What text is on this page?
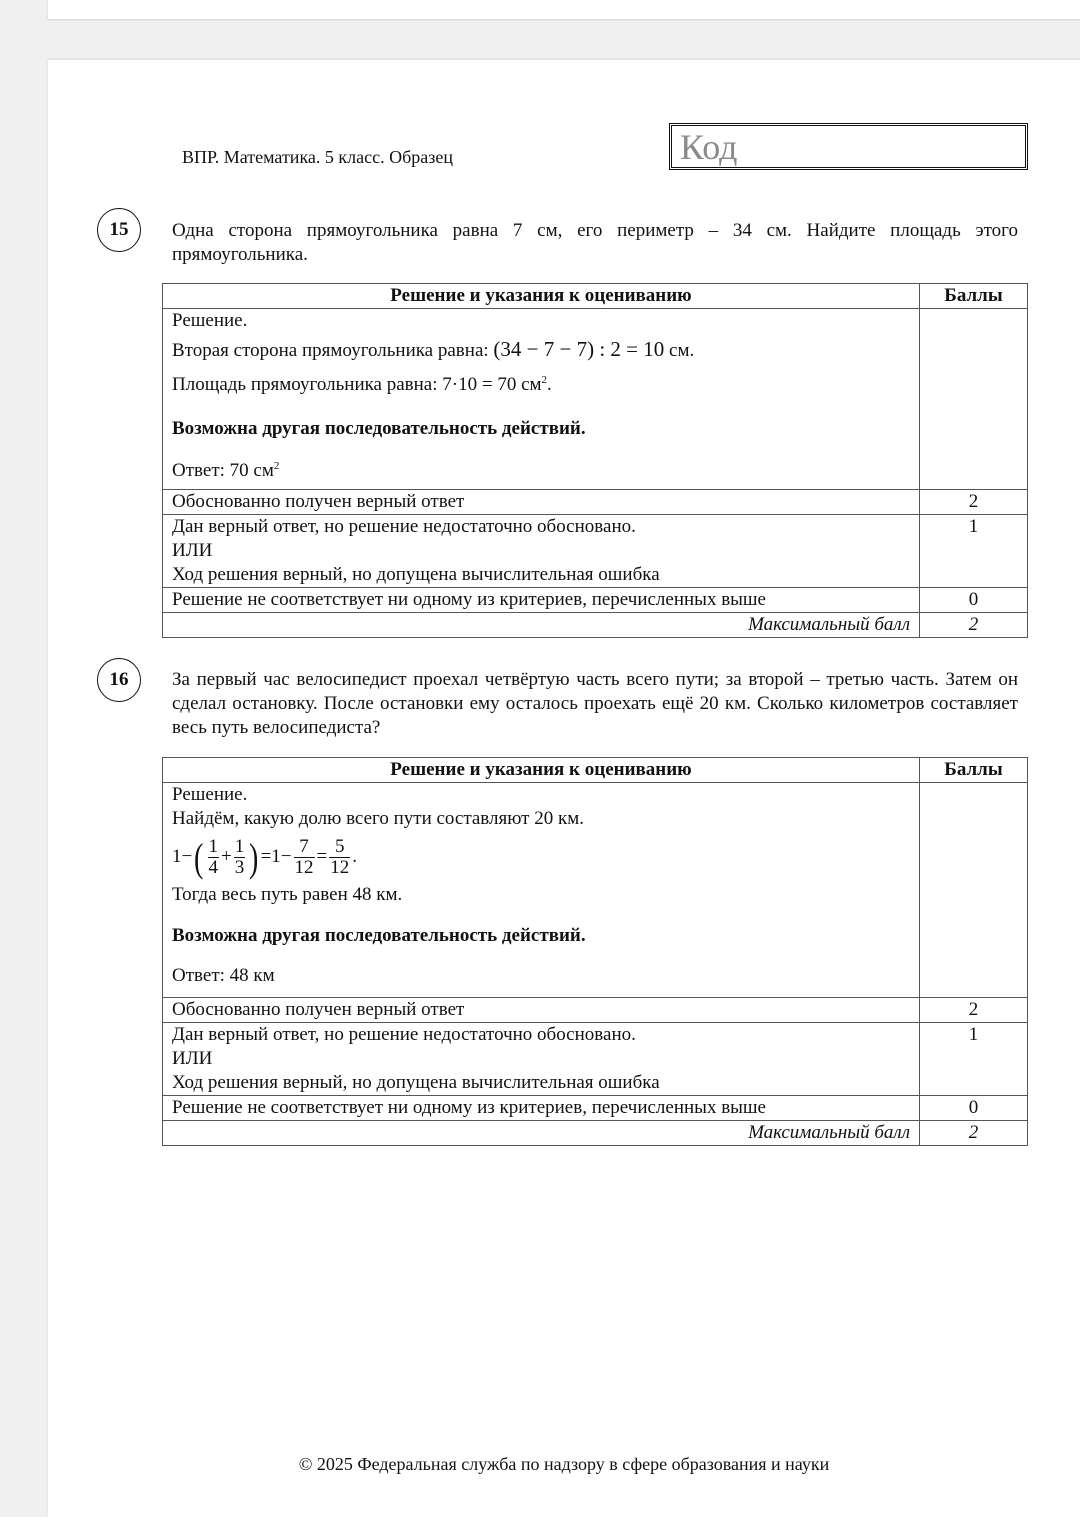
ВПР. Математика. 5 класс. Образец	Код
15	Одна сторона прямоугольника равна 7 см, его периметр – 34 см. Найдите площадь этого прямоугольника.
Решение и указания к оцениванию	Баллы

Решение.
Вторая сторона прямоугольника равна: (34 − 7 − 7) : 2 = 10 см.
Площадь прямоугольника равна: 7·10 = 70 $см^2$.
Возможна другая последовательность действий.
Ответ: 70 $см^2$

Обоснованно получен верный ответ	2

Дан верный ответ, но решение недостаточно обосновано.
ИЛИ
Ход решения верный, но допущена вычислительная ошибка	1
Решение не соответствует ни одному из критериев, перечисленных выше	0
Максимальный балл	2
16	За первый час велосипедист проехал четвёртую часть всего пути; за второй – третью часть. Затем он сделал остановку. После остановки ему осталось проехать ещё 20 км. Сколько километров составляет весь путь велосипедиста?
Решение и указания к оцениванию	Баллы

Решение.
Найдём, какую долю всего пути составляют 20 км.
$1-( \frac{1}{4} + \frac{1}{3}$ ) $=1- \frac{7}{12} = \frac{5}{12}$ .
Тогда весь путь равен 48 км.
Возможна другая последовательность действий.
Ответ: 48 км

Обоснованно получен верный ответ	2

Дан верный ответ, но решение недостаточно обосновано.
ИЛИ
Ход решения верный, но допущена вычислительная ошибка	1
Решение не соответствует ни одному из критериев, перечисленных выше	0
Максимальный балл	2
© 2025 Федеральная служба по надзору в сфере образования и науки
